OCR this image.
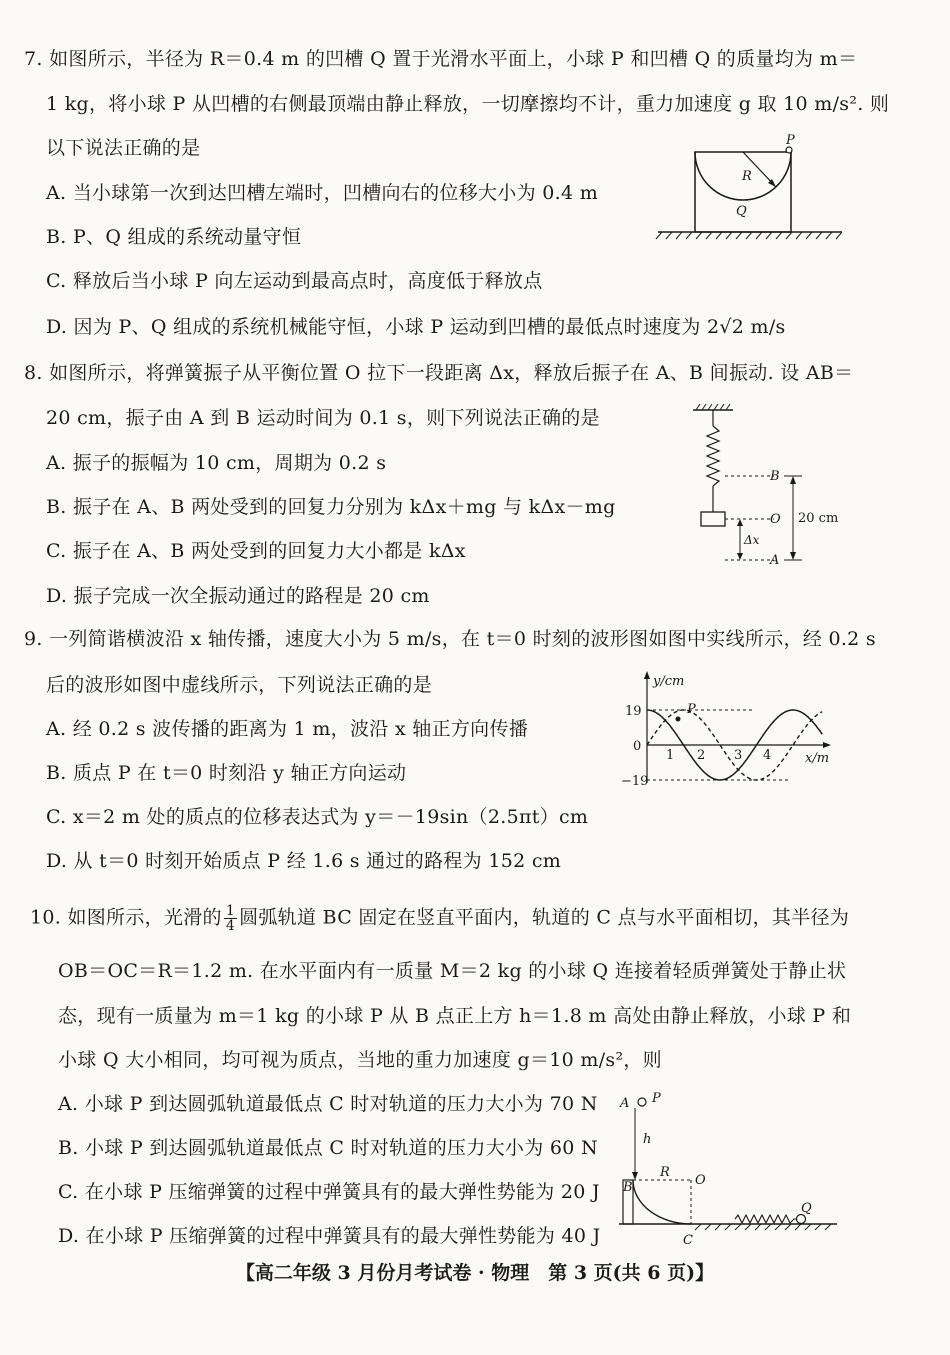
7. 如图所示，半径为 R＝0.4 m 的凹槽 Q 置于光滑水平面上，小球 P 和凹槽 Q 的质量均为 m＝
1 kg，将小球 P 从凹槽的右侧最顶端由静止释放，一切摩擦均不计，重力加速度 g 取 10 m/s². 则
以下说法正确的是
A. 当小球第一次到达凹槽左端时，凹槽向右的位移大小为 0.4 m
B. P、Q 组成的系统动量守恒
C. 释放后当小球 P 向左运动到最高点时，高度低于释放点
D. 因为 P、Q 组成的系统机械能守恒，小球 P 运动到凹槽的最低点时速度为 2√2 m/s
P
R
Q
8. 如图所示，将弹簧振子从平衡位置 O 拉下一段距离 Δx，释放后振子在 A、B 间振动. 设 AB＝
20 cm，振子由 A 到 B 运动时间为 0.1 s，则下列说法正确的是
A. 振子的振幅为 10 cm，周期为 0.2 s
B. 振子在 A、B 两处受到的回复力分别为 kΔx＋mg 与 kΔx－mg
C. 振子在 A、B 两处受到的回复力大小都是 kΔx
D. 振子完成一次全振动通过的路程是 20 cm
B
O
A
20 cm
Δx
9. 一列简谐横波沿 x 轴传播，速度大小为 5 m/s，在 t＝0 时刻的波形图如图中实线所示，经 0.2 s
后的波形如图中虚线所示，下列说法正确的是
A. 经 0.2 s 波传播的距离为 1 m，波沿 x 轴正方向传播
B. 质点 P 在 t＝0 时刻沿 y 轴正方向运动
C. x＝2 m 处的质点的位移表达式为 y＝－19sin（2.5πt）cm
D. 从 t＝0 时刻开始质点 P 经 1.6 s 通过的路程为 152 cm
y/cm
x/m
19
0
−19
1 2 3 4
P
10. 如图所示，光滑的 $\frac{1}{4}$ 圆弧轨道 BC 固定在竖直平面内，轨道的 C 点与水平面相切，其半径为
OB＝OC＝R＝1.2 m. 在水平面内有一质量 M＝2 kg 的小球 Q 连接着轻质弹簧处于静止状
态，现有一质量为 m＝1 kg 的小球 P 从 B 点正上方 h＝1.8 m 高处由静止释放，小球 P 和
小球 Q 大小相同，均可视为质点，当地的重力加速度 g＝10 m/s²，则
A. 小球 P 到达圆弧轨道最低点 C 时对轨道的压力大小为 70 N
B. 小球 P 到达圆弧轨道最低点 C 时对轨道的压力大小为 60 N
C. 在小球 P 压缩弹簧的过程中弹簧具有的最大弹性势能为 20 J
D. 在小球 P 压缩弹簧的过程中弹簧具有的最大弹性势能为 40 J
A P
h
R
B	O
C
Q
【高二年级 3 月份月考试卷 · 物理　第 3 页(共 6 页)】
